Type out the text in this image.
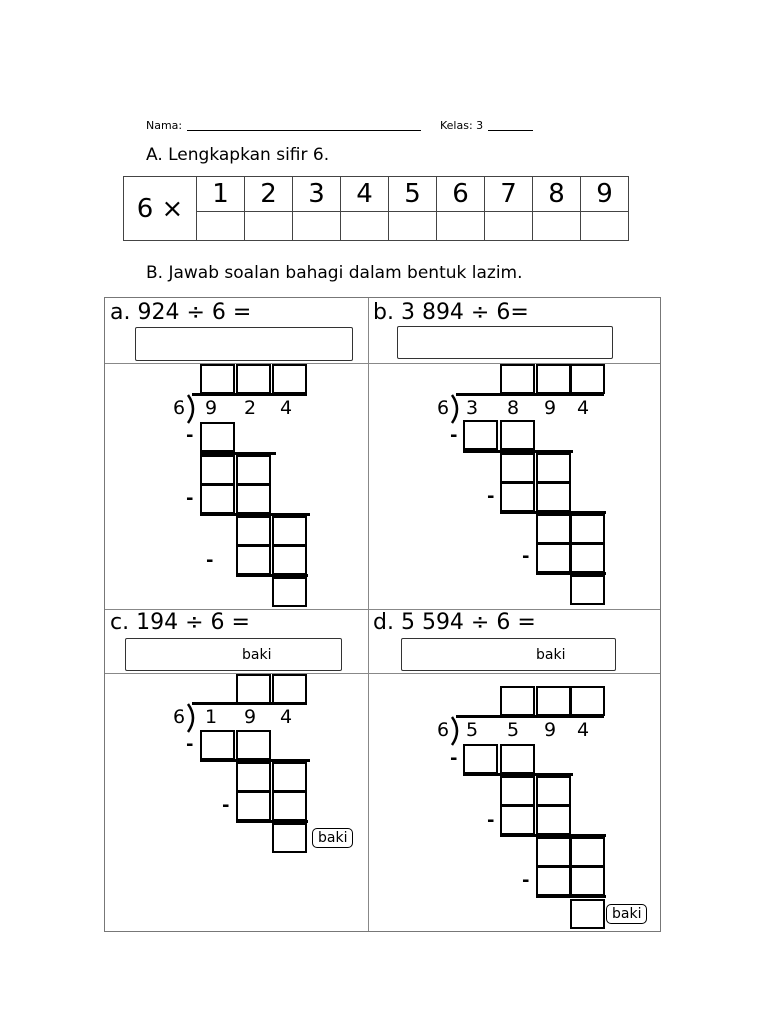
Nama:	Kelas: 3
A. Lengkapkan sifir 6.
6 ×	1	2	3	4	5	6	7	8	9

B. Jawab soalan bahagi dalam bentuk lazim.
a. 924 ÷ 6 =	b. 3 894 ÷ 6=
c. 194 ÷ 6 =
baki
d. 5 594 ÷ 6 =
baki
6 9 2 4
-
-
-
6 3 8 9 4
-
-
-
6 1 9 4
-
-
baki
6 5 5 9 4
-
-
-
baki
